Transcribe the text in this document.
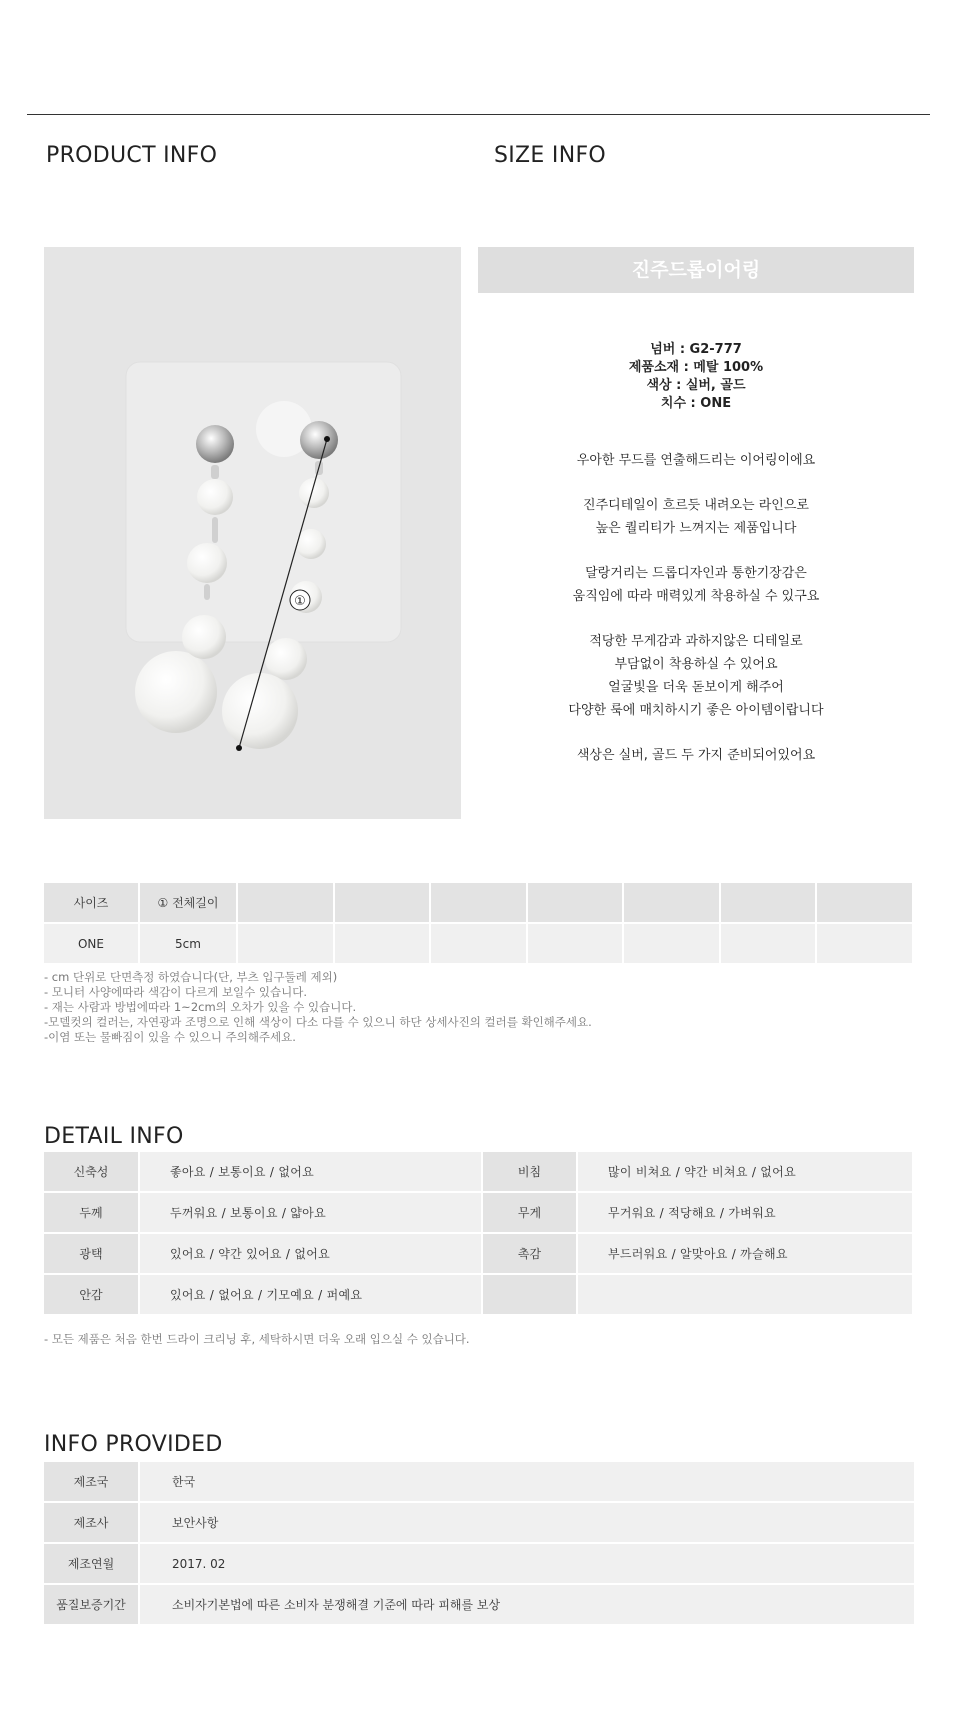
PRODUCT INFO	SIZE INFO
①
진주드롭이어링
넘버 : G2-777
제품소재 : 메탈 100%
색상 : 실버, 골드
치수 : ONE

우아한 무드를 연출해드리는 이어링이에요

진주디테일이 흐르듯 내려오는 라인으로
높은 퀄리티가 느껴지는 제품입니다

달랑거리는 드롭디자인과 통한기장감은
움직임에 따라 매력있게 착용하실 수 있구요

적당한 무게감과 과하지않은 디테일로
부담없이 착용하실 수 있어요
얼굴빛을 더욱 돋보이게 해주어
다양한 룩에 매치하시기 좋은 아이템이랍니다

색상은 실버, 골드 두 가지 준비되어있어요

사이즈	① 전체길이							
ONE	5cm							
- cm 단위로 단면측정 하였습니다(단, 부츠 입구둘레 제외)
- 모니터 사양에따라 색감이 다르게 보일수 있습니다.
- 재는 사람과 방법에따라 1~2cm의 오차가 있을 수 있습니다.
-모델컷의 컬러는, 자연광과 조명으로 인해 색상이 다소 다를 수 있으니 하단 상세사진의 컬러를 확인해주세요.
-이염 또는 물빠짐이 있을 수 있으니 주의해주세요.
DETAIL INFO
신축성	좋아요 / 보통이요 / 없어요	비침	많이 비쳐요 / 약간 비쳐요 / 없어요
두께	두꺼워요 / 보통이요 / 얇아요	무게	무거워요 / 적당해요 / 가벼워요
광택	있어요 / 약간 있어요 / 없어요	촉감	부드러워요 / 알맞아요 / 까슬해요
안감	있어요 / 없어요 / 기모예요 / 퍼예요		
- 모든 제품은 처음 한번 드라이 크리닝 후, 세탁하시면 더욱 오래 입으실 수 있습니다.
INFO PROVIDED
제조국	한국
제조사	보안사항
제조연월	2017. 02
품질보증기간	소비자기본법에 따른 소비자 분쟁해결 기준에 따라 피해를 보상
